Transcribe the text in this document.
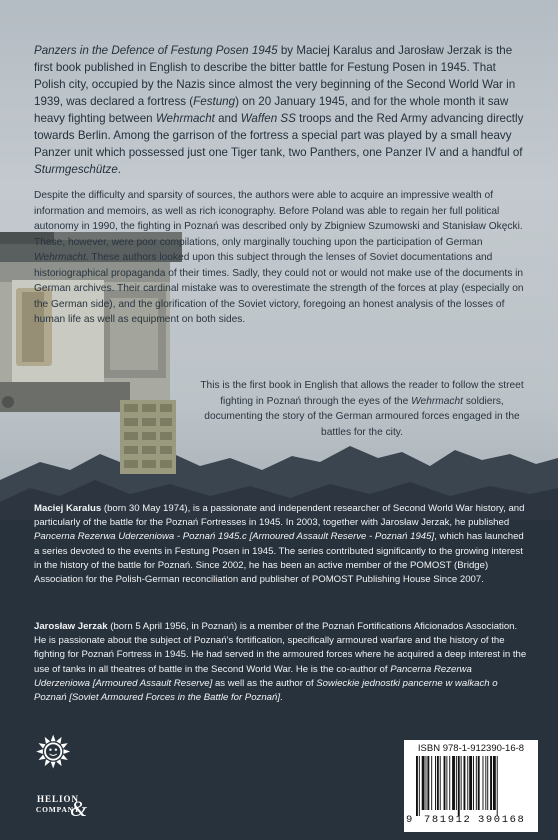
Panzers in the Defence of Festung Posen 1945 by Maciej Karalus and Jarosław Jerzak is the first book published in English to describe the bitter battle for Festung Posen in 1945. That Polish city, occupied by the Nazis since almost the very beginning of the Second World War in 1939, was declared a fortress (Festung) on 20 January 1945, and for the whole month it saw heavy fighting between Wehrmacht and Waffen SS troops and the Red Army advancing directly towards Berlin. Among the garrison of the fortress a special part was played by a small heavy Panzer unit which possessed just one Tiger tank, two Panthers, one Panzer IV and a handful of Sturmgeschütze.

Despite the difficulty and sparsity of sources, the authors were able to acquire an impressive wealth of information and memoirs, as well as rich iconography. Before Poland was able to regain her full political autonomy in 1990, the fighting in Poznań was described only by Zbigniew Szumowski and Stanisław Okęcki. These, however, were poor compilations, only marginally touching upon the participation of German Wehrmacht. These authors looked upon this subject through the lenses of Soviet documentations and historiographical propaganda of their times. Sadly, they could not or would not make use of the documents in German archives. Their cardinal mistake was to overestimate the strength of the forces at play (especially on the German side), and the glorification of the Soviet victory, foregoing an honest analysis of the losses of human life as well as equipment on both sides.

This is the first book in English that allows the reader to follow the street fighting in Poznań through the eyes of the Wehrmacht soldiers, documenting the story of the German armoured forces engaged in the battles for the city.

Maciej Karalus (born 30 May 1974), is a passionate and independent researcher of Second World War history, and particularly of the battle for the Poznań Fortresses in 1945. In 2003, together with Jarosław Jerzak, he published Pancerna Rezerwa Uderzeniowa - Poznań 1945.c [Armoured Assault Reserve - Poznań 1945], which has launched a series devoted to the events in Festung Posen in 1945. The series contributed significantly to the growing interest in the history of the battle for Poznań. Since 2002, he has been an active member of the POMOST (Bridge) Association for the Polish-German reconciliation and publisher of POMOST Publishing House Since 2007.

Jarosław Jerzak (born 5 April 1956, in Poznań) is a member of the Poznań Fortifications Aficionados Association. He is passionate about the subject of Poznań's fortification, specifically armoured warfare and the history of the fighting for Poznań Fortress in 1945. He had served in the armoured forces where he acquired a deep interest in the use of tanks in all theatres of battle in the Second World War. He is the co-author of Pancerna Rezerwa Uderzeniowa [Armoured Assault Reserve] as well as the author of Sowieckie jednostki pancerne w walkach o Poznań [Soviet Armoured Forces in the Battle for Poznań].

HELION
COMPANY
&
ISBN 978-1-912390-16-8
9 781912 390168
